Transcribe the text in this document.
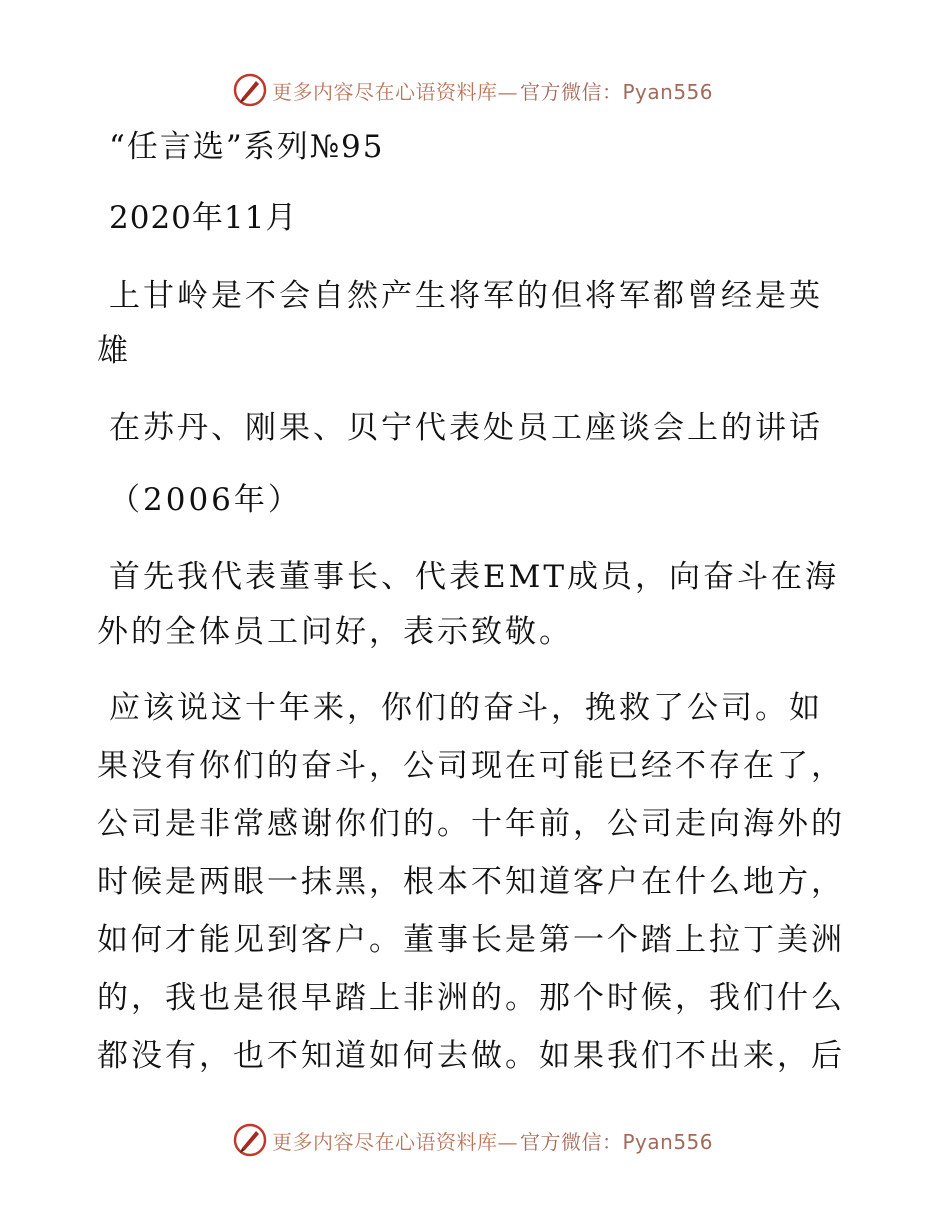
更多内容尽在心语资料库— 官方微信：Pyan556
“任言选”系列№95
2020年11月
上甘岭是不会自然产生将军的但将军都曾经是英
雄
在苏丹、刚果、贝宁代表处员工座谈会上的讲话
（2006年）
首先我代表董事长、代表EMT成员，向奋斗在海
外的全体员工问好，表示致敬。
应该说这十年来，你们的奋斗，挽救了公司。如
果没有你们的奋斗，公司现在可能已经不存在了，
公司是非常感谢你们的。十年前，公司走向海外的
时候是两眼一抹黑，根本不知道客户在什么地方，
如何才能见到客户。董事长是第一个踏上拉丁美洲
的，我也是很早踏上非洲的。那个时候，我们什么
都没有，也不知道如何去做。如果我们不出来，后
更多内容尽在心语资料库— 官方微信：Pyan556
